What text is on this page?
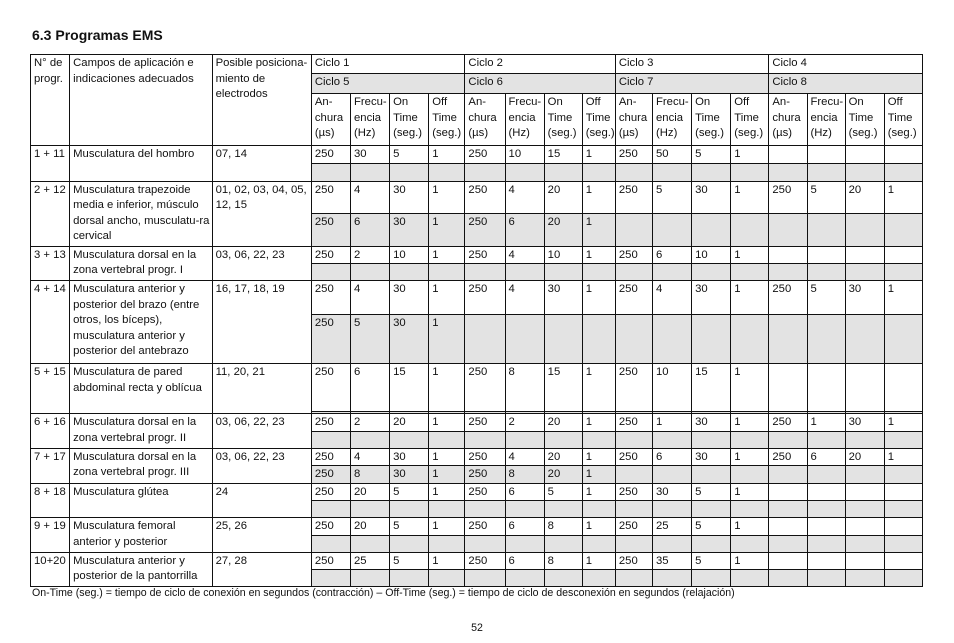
6.3 Programas EMS
N° de progr.	Campos de aplicación e indicaciones adecuados	Posible posiciona-miento de electrodos	Ciclo 1				Ciclo 2				Ciclo 3				Ciclo 4			
			Ciclo 5				Ciclo 6				Ciclo 7				Ciclo 8			
			An- chura (µs)	Frecu- encia (Hz)	On Time (seg.)	Off Time (seg.)	An- chura (µs)	Frecu- encia (Hz)	On Time (seg.)	Off Time (seg.)	An- chura (µs)	Frecu- encia (Hz)	On Time (seg.)	Off Time (seg.)	An- chura (µs)	Frecu- encia (Hz)	On Time (seg.)	Off Time (seg.)
1 + 11	Musculatura del hombro	07, 14	250	30	5	1	250	10	15	1	250	50	5	1				

2 + 12	Musculatura trapezoide media e inferior, músculo dorsal ancho, musculatu-ra cervical	01, 02, 03, 04, 05, 12, 15	250	4	30	1	250	4	20	1	250	5	30	1	250	5	20	1
			250	6	30	1	250	6	20	1								
3 + 13	Musculatura dorsal en la zona vertebral progr. I	03, 06, 22, 23	250	2	10	1	250	4	10	1	250	6	10	1				

4 + 14	Musculatura anterior y posterior del brazo (entre otros, los bíceps), musculatura anterior y posterior del antebrazo	16, 17, 18, 19	250	4	30	1	250	4	30	1	250	4	30	1	250	5	30	1
			250	5	30	1												
5 + 15	Musculatura de pared abdominal recta y oblícua	11, 20, 21	250	6	15	1	250	8	15	1	250	10	15	1				

6 + 16	Musculatura dorsal en la zona vertebral progr. II	03, 06, 22, 23	250	2	20	1	250	2	20	1	250	1	30	1	250	1	30	1

7 + 17	Musculatura dorsal en la zona vertebral progr. III	03, 06, 22, 23	250	4	30	1	250	4	20	1	250	6	30	1	250	6	20	1
			250	8	30	1	250	8	20	1								
8 + 18	Musculatura glútea	24	250	20	5	1	250	6	5	1	250	30	5	1				

9 + 19	Musculatura femoral anterior y posterior	25, 26	250	20	5	1	250	6	8	1	250	25	5	1				

10+20	Musculatura anterior y posterior de la pantorrilla	27, 28	250	25	5	1	250	6	8	1	250	35	5	1				

On-Time (seg.) = tiempo de ciclo de conexión en segundos (contracción) – Off-Time (seg.) = tiempo de ciclo de desconexión en segundos (relajación)
52
